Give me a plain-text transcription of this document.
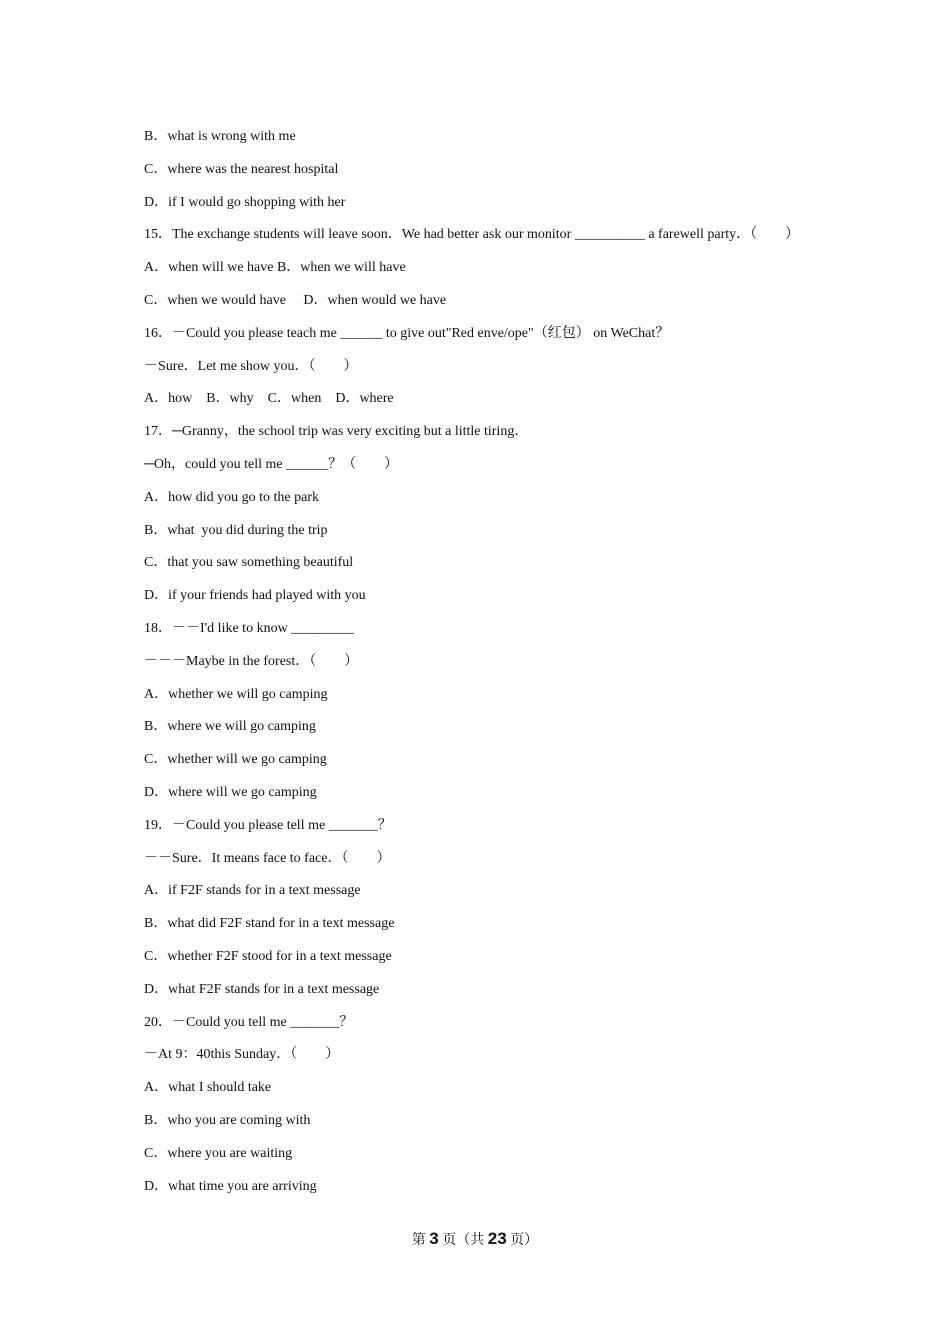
B．what is wrong with me
C．where was the nearest hospital
D．if I would go shopping with her
15．The exchange students will leave soon．We had better ask our monitor __________ a farewell party．（　　）
A．when will we have B．when we will have
C．when we would have　 D．when would we have
16．－Could you please teach me ______ to give out"Red enve/ope"（红包） on WeChat？
－Sure．Let me show you．（　　）
A．how　B．why　C．when　D．where
17．─Granny，the school trip was very exciting but a little tiring．
─Oh，could you tell me ______？（　　）
A．how did you go to the park
B．what  you did during the trip
C．that you saw something beautiful
D．if your friends had played with you
18．－－I'd like to know _________
－－－Maybe in the forest．（　　）
A．whether we will go camping
B．where we will go camping
C．whether will we go camping
D．where will we go camping
19．－Could you please tell me _______？
－－Sure．It means face to face．（　　）
A．if F2F stands for in a text message
B．what did F2F stand for in a text message
C．whether F2F stood for in a text message
D．what F2F stands for in a text message
20．－Could you tell me _______？
－At 9：40this Sunday．（　　）
A．what I should take
B．who you are coming with
C．where you are waiting
D．what time you are arriving
第 3 页（共 23 页）
